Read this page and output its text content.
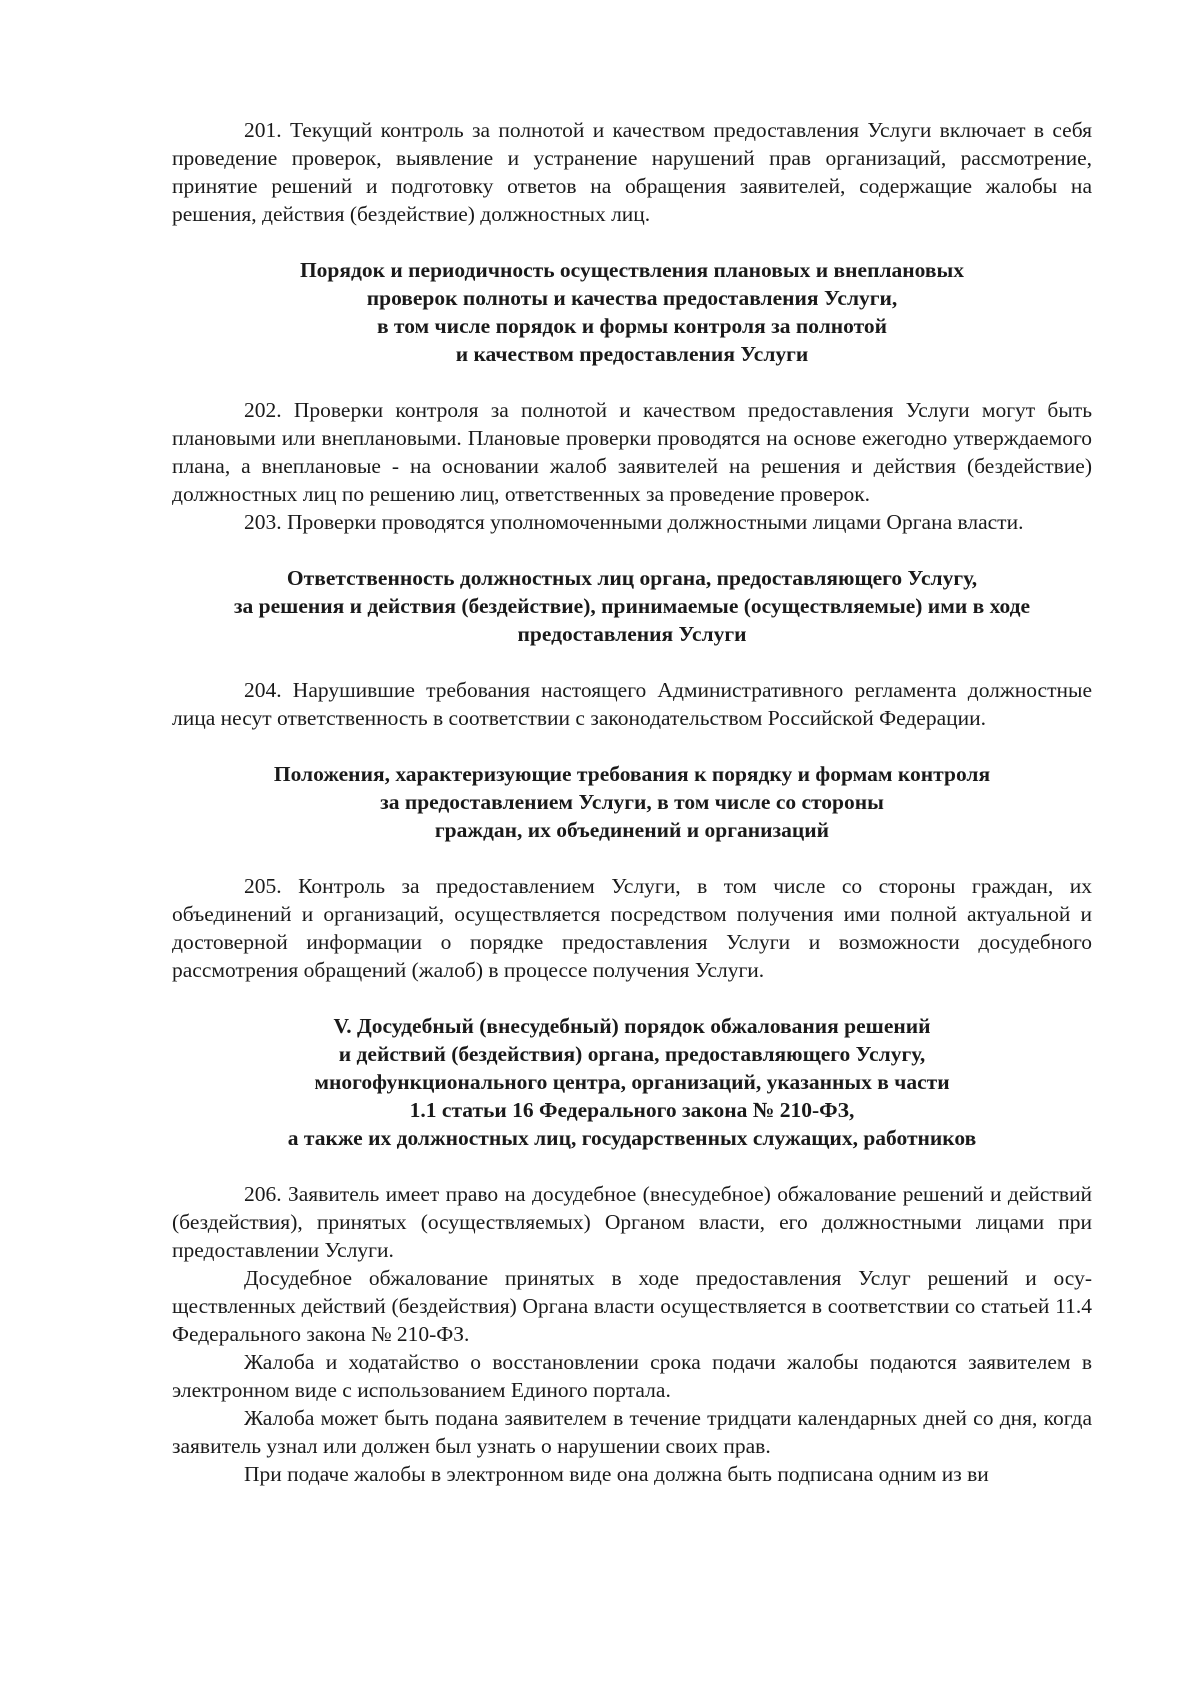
201. Текущий контроль за полнотой и качеством предоставления Услуги включает в себя проведение проверок, выявление и устранение нарушений прав организаций, рассмотрение, принятие решений и подготовку ответов на обращения заявителей, содержащие жалобы на решения, действия (бездействие) должностных лиц.

Порядок и периодичность осуществления плановых и внеплановых
проверок полноты и качества предоставления Услуги,
в том числе порядок и формы контроля за полнотой
и качеством предоставления Услуги

202. Проверки контроля за полнотой и качеством предоставления Услуги могут быть плановыми или внеплановыми. Плановые проверки проводятся на основе ежегодно утверждаемого плана, а внеплановые - на основании жалоб заявителей на решения и действия (бездействие) должностных лиц по решению лиц, ответственных за проведение проверок.

203. Проверки проводятся уполномоченными должностными лицами Органа власти.

Ответственность должностных лиц органа, предоставляющего Услугу,
за решения и действия (бездействие), принимаемые (осуществляемые) ими в ходе
предоставления Услуги

204. Нарушившие требования настоящего Административного регламента должностные лица несут ответственность в соответствии с законодательством Российской Федерации.

Положения, характеризующие требования к порядку и формам контроля
за предоставлением Услуги, в том числе со стороны
граждан, их объединений и организаций

205. Контроль за предоставлением Услуги, в том числе со стороны граждан, их объединений и организаций, осуществляется посредством получения ими полной актуальной и достоверной информации о порядке предоставления Услуги и возможности досудебного рассмотрения обращений (жалоб) в процессе получения Услуги.

V. Досудебный (внесудебный) порядок обжалования решений
и действий (бездействия) органа, предоставляющего Услугу,
многофункционального центра, организаций, указанных в части
1.1 статьи 16 Федерального закона № 210-ФЗ,
а также их должностных лиц, государственных служащих, работников

206. Заявитель имеет право на досудебное (внесудебное) обжалование решений и действий (бездействия), принятых (осуществляемых) Органом власти, его должностными лицами при предоставлении Услуги.

Досудебное обжалование принятых в ходе предоставления Услуг решений и осуществленных действий (бездействия) Органа власти осуществляется в соответствии со статьей 11.4 Федерального закона № 210-ФЗ.

Жалоба и ходатайство о восстановлении срока подачи жалобы подаются заявителем в электронном виде с использованием Единого портала.

Жалоба может быть подана заявителем в течение тридцати календарных дней со дня, когда заявитель узнал или должен был узнать о нарушении своих прав.

При подаче жалобы в электронном виде она должна быть подписана одним из ви
